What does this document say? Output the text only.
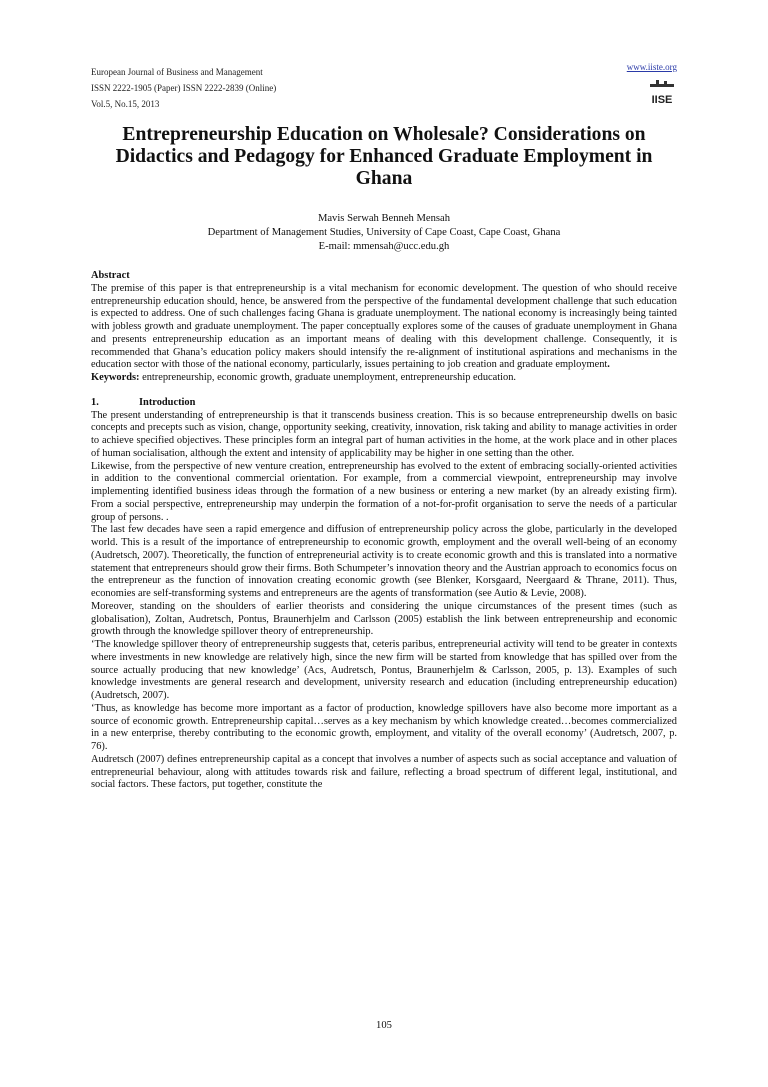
European Journal of Business and Management
ISSN 2222-1905 (Paper) ISSN 2222-2839 (Online)
Vol.5, No.15, 2013
www.iiste.org
IISE
Entrepreneurship Education on Wholesale? Considerations on Didactics and Pedagogy for Enhanced Graduate Employment in Ghana
Mavis Serwah Benneh Mensah
Department of Management Studies, University of Cape Coast, Cape Coast, Ghana
E-mail: mmensah@ucc.edu.gh

Abstract

The premise of this paper is that entrepreneurship is a vital mechanism for economic development. The question of who should receive entrepreneurship education should, hence, be answered from the perspective of the fundamental development challenge that such education is expected to address. One of such challenges facing Ghana is graduate unemployment. The national economy is increasingly being tainted with jobless growth and graduate unemployment. The paper conceptually explores some of the causes of graduate unemployment in Ghana and presents entrepreneurship education as an important means of dealing with this development challenge. Consequently, it is recommended that Ghana’s education policy makers should intensify the re-alignment of institutional aspirations and mechanisms in the education sector with those of the national economy, particularly, issues pertaining to job creation and graduate employment.

Keywords: entrepreneurship, economic growth, graduate unemployment, entrepreneurship education.

1.	Introduction

The present understanding of entrepreneurship is that it transcends business creation. This is so because entrepreneurship dwells on basic concepts and precepts such as vision, change, opportunity seeking, creativity, innovation, risk taking and ability to manage activities in order to achieve specified objectives. These principles form an integral part of human activities in the home, at the work place and in other places of human socialisation, although the extent and intensity of applicability may be higher in one setting than the other.

Likewise, from the perspective of new venture creation, entrepreneurship has evolved to the extent of embracing socially-oriented activities in addition to the conventional commercial orientation. For example, from a commercial viewpoint, entrepreneurship may involve implementing identified business ideas through the formation of a new business or entering a new market (by an already existing firm). From a social perspective, entrepreneurship may underpin the formation of a not-for-profit organisation to serve the needs of a particular group of persons. .

The last few decades have seen a rapid emergence and diffusion of entrepreneurship policy across the globe, particularly in the developed world. This is a result of the importance of entrepreneurship to economic growth, employment and the overall well-being of an economy (Audretsch, 2007). Theoretically, the function of entrepreneurial activity is to create economic growth and this is translated into a normative statement that entrepreneurs should grow their firms. Both Schumpeter’s innovation theory and the Austrian approach to economics focus on the entrepreneur as the function of innovation creating economic growth (see Blenker, Korsgaard, Neergaard & Thrane, 2011). Thus, economies are self-transforming systems and entrepreneurs are the agents of transformation (see Autio & Levie, 2008).

Moreover, standing on the shoulders of earlier theorists and considering the unique circumstances of the present times (such as globalisation), Zoltan, Audretsch, Pontus, Braunerhjelm and Carlsson (2005) establish the link between entrepreneurship and economic growth through the knowledge spillover theory of entrepreneurship.

‘The knowledge spillover theory of entrepreneurship suggests that, ceteris paribus, entrepreneurial activity will tend to be greater in contexts where investments in new knowledge are relatively high, since the new firm will be started from knowledge that has spilled over from the source actually producing that new knowledge’ (Acs, Audretsch, Pontus, Braunerhjelm & Carlsson, 2005, p. 13). Examples of such knowledge investments are general research and development, university research and education (including entrepreneurship education) (Audretsch, 2007).

‘Thus, as knowledge has become more important as a factor of production, knowledge spillovers have also become more important as a source of economic growth. Entrepreneurship capital…serves as a key mechanism by which knowledge created…becomes commercialized in a new enterprise, thereby contributing to the economic growth, employment, and vitality of the overall economy’ (Audretsch, 2007, p. 76).

Audretsch (2007) defines entrepreneurship capital as a concept that involves a number of aspects such as social acceptance and valuation of entrepreneurial behaviour, along with attitudes towards risk and failure, reflecting a broad spectrum of different legal, institutional, and social factors. These factors, put together, constitute the

105
